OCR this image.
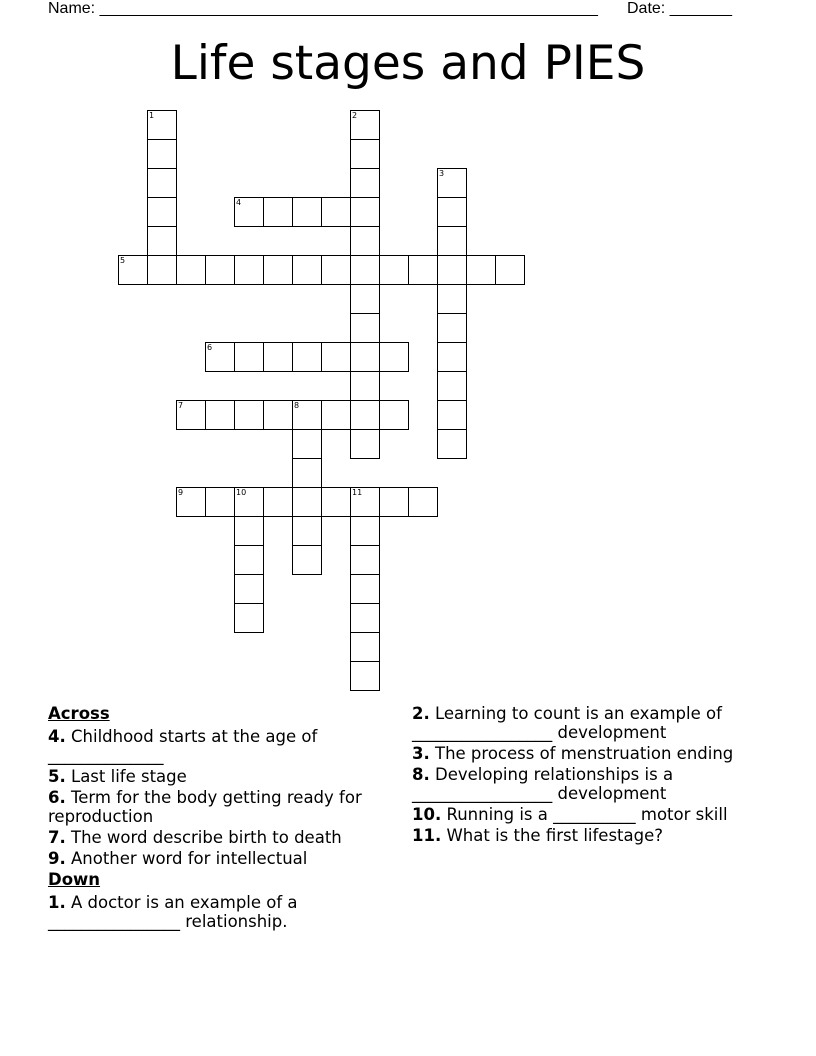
Name: ________________________________________________________ Date: _______
Life stages and PIES
1	2
3
4
5
6
7	8
9	10	11
Across
4. Childhood starts at the age of ______________
5. Last life stage
6. Term for the body getting ready for reproduction
7. The word describe birth to death
9. Another word for intellectual
Down
1. A doctor is an example of a ________________ relationship.
2. Learning to count is an example of _________________ development
3. The process of menstruation ending
8. Developing relationships is a _________________ development
10. Running is a __________ motor skill
11. What is the first lifestage?
